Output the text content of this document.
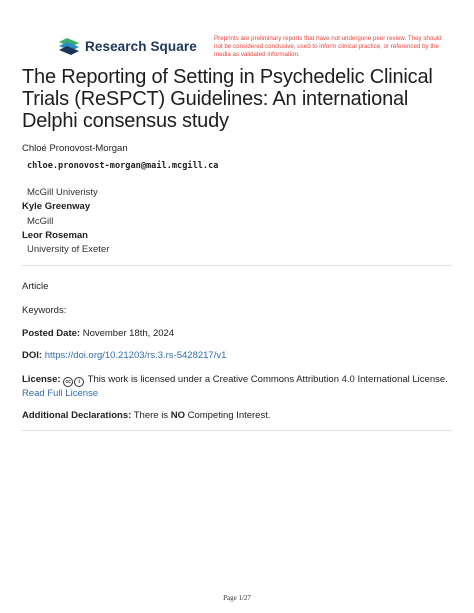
Research Square	Preprints are preliminary reports that have not undergone peer review. They should not be considered conclusive, used to inform clinical practice, or referenced by the media as validated information.
The Reporting of Setting in Psychedelic Clinical Trials (ReSPCT) Guidelines: An international Delphi consensus study
Chloé Pronovost-Morgan
chloe.pronovost-morgan@mail.mcgill.ca
McGill Univeristy
Kyle Greenway
McGill
Leor Roseman
University of Exeter
Article
Keywords:
Posted Date: November 18th, 2024
DOI: https://doi.org/10.21203/rs.3.rs-5428217/v1
License: cc i This work is licensed under a Creative Commons Attribution 4.0 International License.
Read Full License
Additional Declarations: There is NO Competing Interest.
Page 1/27
